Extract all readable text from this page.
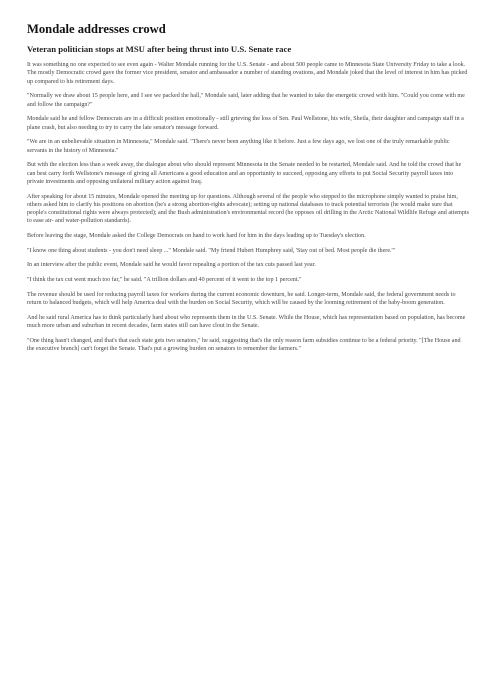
Mondale addresses crowd
Veteran politician stops at MSU after being thrust into U.S. Senate race

It was something no one expected to see even again - Walter Mondale running for the U.S. Senate - and about 500 people came to Minnesota State University Friday to take a look. The mostly Democratic crowd gave the former vice president, senator and ambassador a number of standing ovations, and Mondale joked that the level of interest in him has picked up compared to his retirement days.

"Normally we draw about 15 people here, and I see we packed the hall," Mondale said, later adding that he wanted to take the energetic crowd with him. "Could you come with me and follow the campaign?"

Mondale said he and fellow Democrats are in a difficult position emotionally - still grieving the loss of Sen. Paul Wellstone, his wife, Sheila, their daughter and campaign staff in a plane crash, but also needing to try to carry the late senator's message forward.

"We are in an unbelievable situation in Minnesota," Mondale said. "There's never been anything like it before. Just a few days ago, we lost one of the truly remarkable public servants in the history of Minnesota."

But with the election less than a week away, the dialogue about who should represent Minnesota in the Senate needed to be restarted, Mondale said. And he told the crowd that he can best carry forth Wellstone's message of giving all Americans a good education and an opportunity to succeed, opposing any efforts to put Social Security payroll taxes into private investments and opposing unilateral military action against Iraq.

After speaking for about 15 minutes, Mondale opened the meeting up for questions. Although several of the people who stepped to the microphone simply wanted to praise him, others asked him to clarify his positions on abortion (he's a strong abortion-rights advocate); setting up national databases to track potential terrorists (he would make sure that people's constitutional rights were always protected); and the Bush administration's environmental record (he opposes oil drilling in the Arctic National Wildlife Refuge and attempts to ease air- and water-pollution standards).

Before leaving the stage, Mondale asked the College Democrats on hand to work hard for him in the days leading up to Tuesday's election.

"I know one thing about students - you don't need sleep ..." Mondale said. "My friend Hubert Humphrey said, 'Stay out of bed. Most people die there.'"

In an interview after the public event, Mondale said he would favor repealing a portion of the tax cuts passed last year.

"I think the tax cut went much too far," he said. "A trillion dollars and 40 percent of it went to the top 1 percent."

The revenue should be used for reducing payroll taxes for workers during the current economic downturn, he said. Longer-term, Mondale said, the federal government needs to return to balanced budgets, which will help America deal with the burden on Social Security, which will be caused by the looming retirement of the baby-boom generation.

And he said rural America has to think particularly hard about who represents them in the U.S. Senate. While the House, which has representation based on population, has become much more urban and suburban in recent decades, farm states still can have clout in the Senate.

"One thing hasn't changed, and that's that each state gets two senators," he said, suggesting that's the only reason farm subsidies continue to be a federal priority. "[The House and the executive branch] can't forget the Senate. That's put a growing burden on senators to remember the farmers."
